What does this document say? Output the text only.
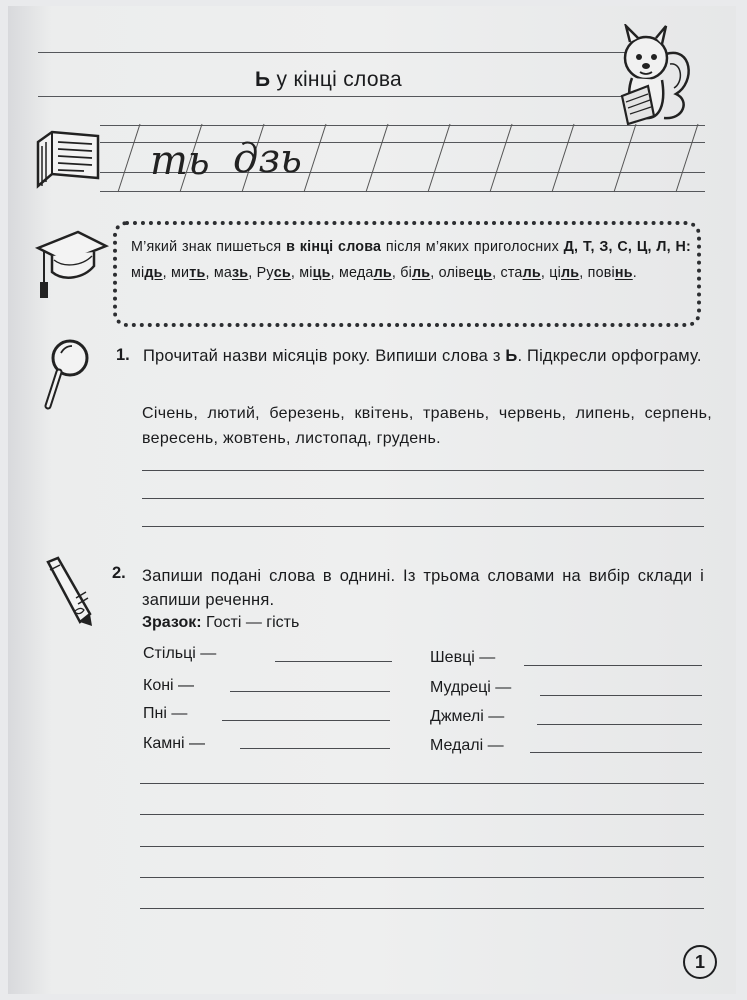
Ь у кінці слова
ть дзь
М’який знак пишеться в кінці слова після м’яких приголосних Д, Т, З, С, Ц, Л, Н: мідь, мить, мазь, Русь, міць, медаль, біль, олівець, сталь, ціль, повінь.
1. Прочитай назви місяців року. Випиши слова з Ь. Підкресли орфограму.
Січень, лютий, березень, квітень, травень, червень, липень, серпень, вересень, жовтень, листопад, грудень.
2. Запиши подані слова в однині. Із трьома словами на вибір склади і запиши речення.
Зразок: Гості — гість
Стільці —
Коні —
Пні —
Камні —
Шевці —
Мудреці —
Джмелі —
Медалі —
1
